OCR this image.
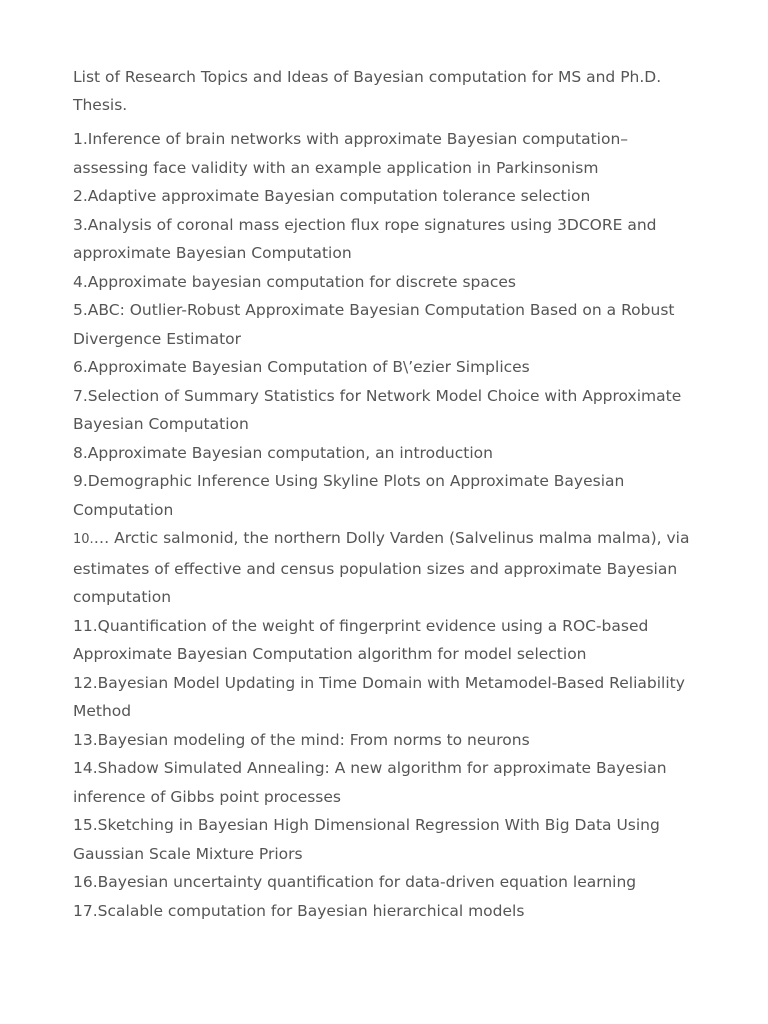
List of Research Topics and Ideas of Bayesian computation for MS and Ph.D. Thesis.

1.Inference of brain networks with approximate Bayesian computation– assessing face validity with an example application in Parkinsonism
2.Adaptive approximate Bayesian computation tolerance selection
3.Analysis of coronal mass ejection flux rope signatures using 3DCORE and approximate Bayesian Computation
4.Approximate bayesian computation for discrete spaces
5.ABC: Outlier-Robust Approximate Bayesian Computation Based on a Robust Divergence Estimator
6.Approximate Bayesian Computation of B\’ezier Simplices
7.Selection of Summary Statistics for Network Model Choice with Approximate Bayesian Computation
8.Approximate Bayesian computation, an introduction
9.Demographic Inference Using Skyline Plots on Approximate Bayesian Computation
10.… Arctic salmonid, the northern Dolly Varden (Salvelinus malma malma), via estimates of effective and census population sizes and approximate Bayesian computation
11.Quantification of the weight of fingerprint evidence using a ROC-based Approximate Bayesian Computation algorithm for model selection
12.Bayesian Model Updating in Time Domain with Metamodel-Based Reliability Method
13.Bayesian modeling of the mind: From norms to neurons
14.Shadow Simulated Annealing: A new algorithm for approximate Bayesian inference of Gibbs point processes
15.Sketching in Bayesian High Dimensional Regression With Big Data Using Gaussian Scale Mixture Priors
16.Bayesian uncertainty quantification for data-driven equation learning
17.Scalable computation for Bayesian hierarchical models
